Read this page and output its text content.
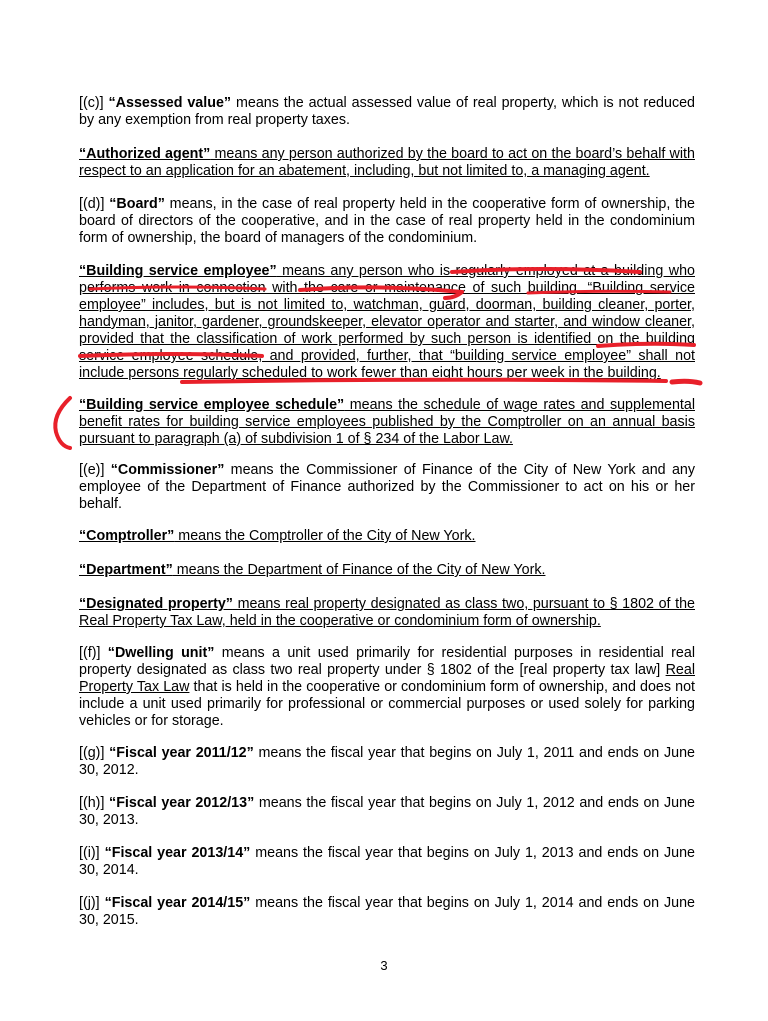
[(c)] “Assessed value” means the actual assessed value of real property, which is not reduced by any exemption from real property taxes.

“Authorized agent” means any person authorized by the board to act on the board’s behalf with respect to an application for an abatement, including, but not limited to, a managing agent.

[(d)] “Board” means, in the case of real property held in the cooperative form of ownership, the board of directors of the cooperative, and in the case of real property held in the condominium form of ownership, the board of managers of the condominium.

“Building service employee” means any person who is regularly employed at a building who performs work in connection with the care or maintenance of such building. “Building service employee” includes, but is not limited to, watchman, guard, doorman, building cleaner, porter, handyman, janitor, gardener, groundskeeper, elevator operator and starter, and window cleaner, provided that the classification of work performed by such person is identified on the building service employee schedule, and provided, further, that “building service employee” shall not include persons regularly scheduled to work fewer than eight hours per week in the building.

“Building service employee schedule” means the schedule of wage rates and supplemental benefit rates for building service employees published by the Comptroller on an annual basis pursuant to paragraph (a) of subdivision 1 of § 234 of the Labor Law.

[(e)] “Commissioner” means the Commissioner of Finance of the City of New York and any employee of the Department of Finance authorized by the Commissioner to act on his or her behalf.

“Comptroller” means the Comptroller of the City of New York.

“Department” means the Department of Finance of the City of New York.

“Designated property” means real property designated as class two, pursuant to § 1802 of the Real Property Tax Law, held in the cooperative or condominium form of ownership.

[(f)] “Dwelling unit” means a unit used primarily for residential purposes in residential real property designated as class two real property under § 1802 of the [real property tax law] Real Property Tax Law that is held in the cooperative or condominium form of ownership, and does not include a unit used primarily for professional or commercial purposes or used solely for parking vehicles or for storage.

[(g)] “Fiscal year 2011/12” means the fiscal year that begins on July 1, 2011 and ends on June 30, 2012.

[(h)] “Fiscal year 2012/13” means the fiscal year that begins on July 1, 2012 and ends on June 30, 2013.

[(i)] “Fiscal year 2013/14” means the fiscal year that begins on July 1, 2013 and ends on June 30, 2014.

[(j)] “Fiscal year 2014/15” means the fiscal year that begins on July 1, 2014 and ends on June 30, 2015.

3
